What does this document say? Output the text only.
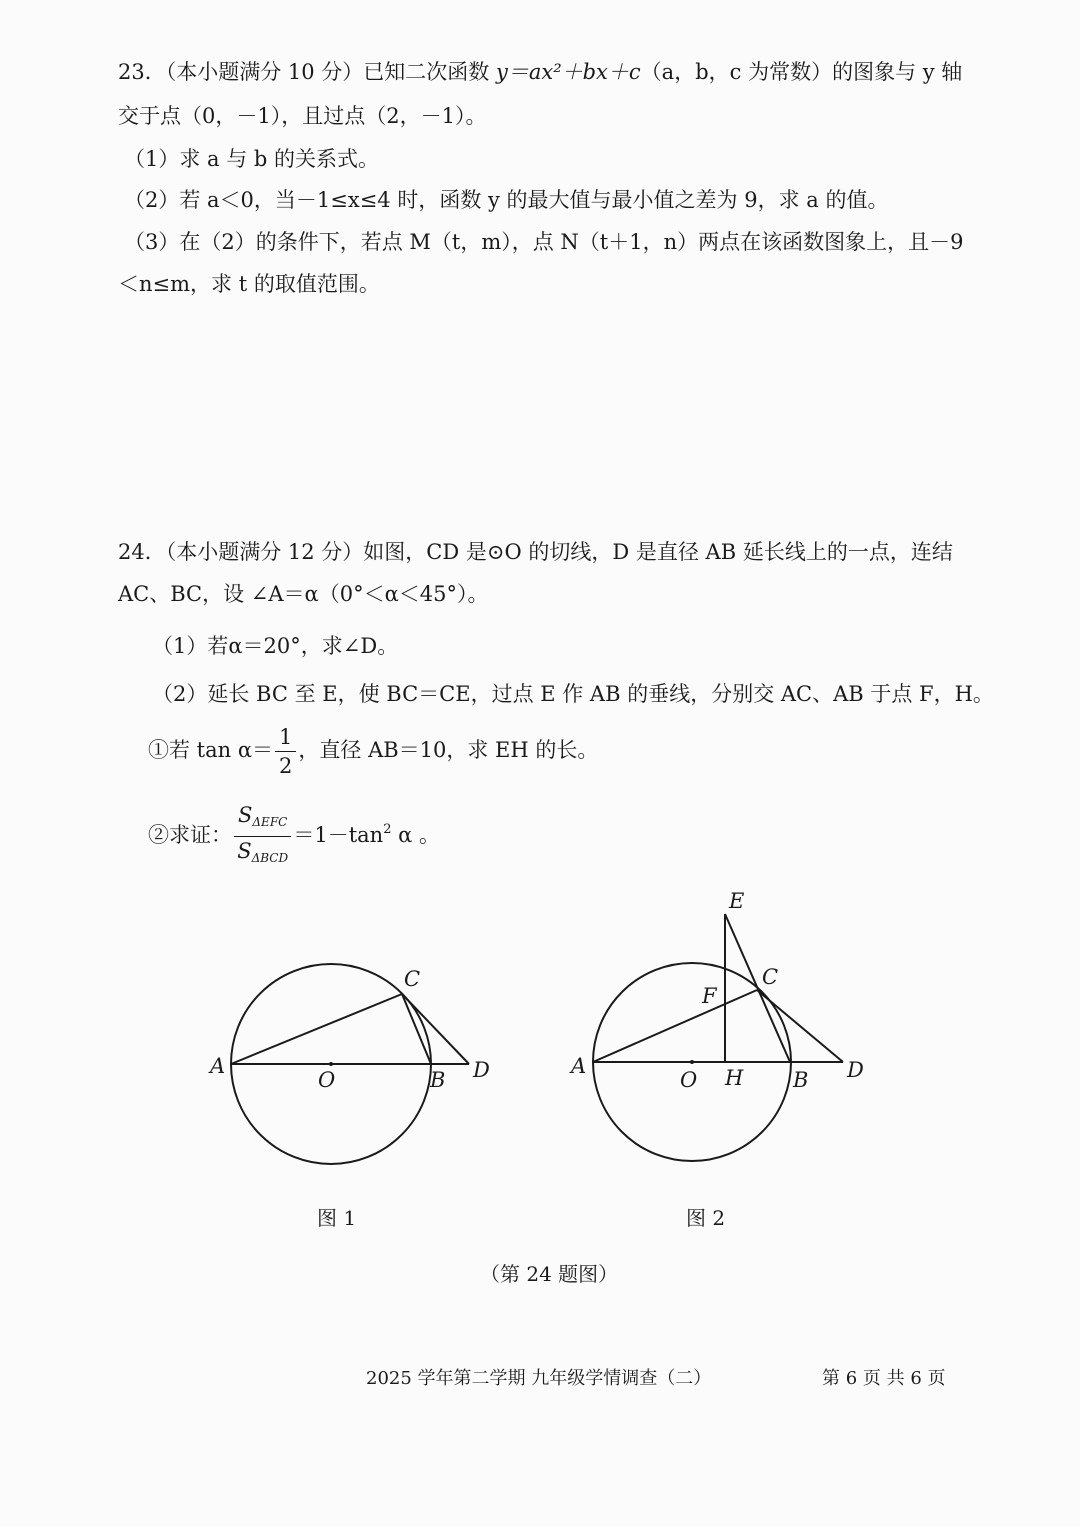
23．（本小题满分 10 分）已知二次函数 y＝ax²＋bx＋c（a，b，c 为常数）的图象与 y 轴
交于点（0，－1），且过点（2，－1）。
（1）求 a 与 b 的关系式。
（2）若 a＜0，当－1≤x≤4 时，函数 y 的最大值与最小值之差为 9，求 a 的值。
（3）在（2）的条件下，若点 M（t，m），点 N（t＋1，n）两点在该函数图象上，且－9
＜n≤m，求 t 的取值范围。
24．（本小题满分 12 分）如图，CD 是⊙O 的切线，D 是直径 AB 延长线上的一点，连结
AC、BC，设 ∠A＝α（0°＜α＜45°）。
（1）若α＝20°，求∠D。
（2）延长 BC 至 E，使 BC＝CE，过点 E 作 AB 的垂线，分别交 AC、AB 于点 F，H。
①若 $\tan \alpha= \frac{1}{2}$ ，直径 AB＝10，求 EH 的长。
②求证： $\frac{S_{\Delta EFC}}{S_{\Delta BCD}} =1-\tan^2$ α 。
A
O	B
C
D	A
O H B
C
D
E
F
图 1	图 2
（第 24 题图）
2025 学年第二学期 九年级学情调查（二）	第 6 页 共 6 页
